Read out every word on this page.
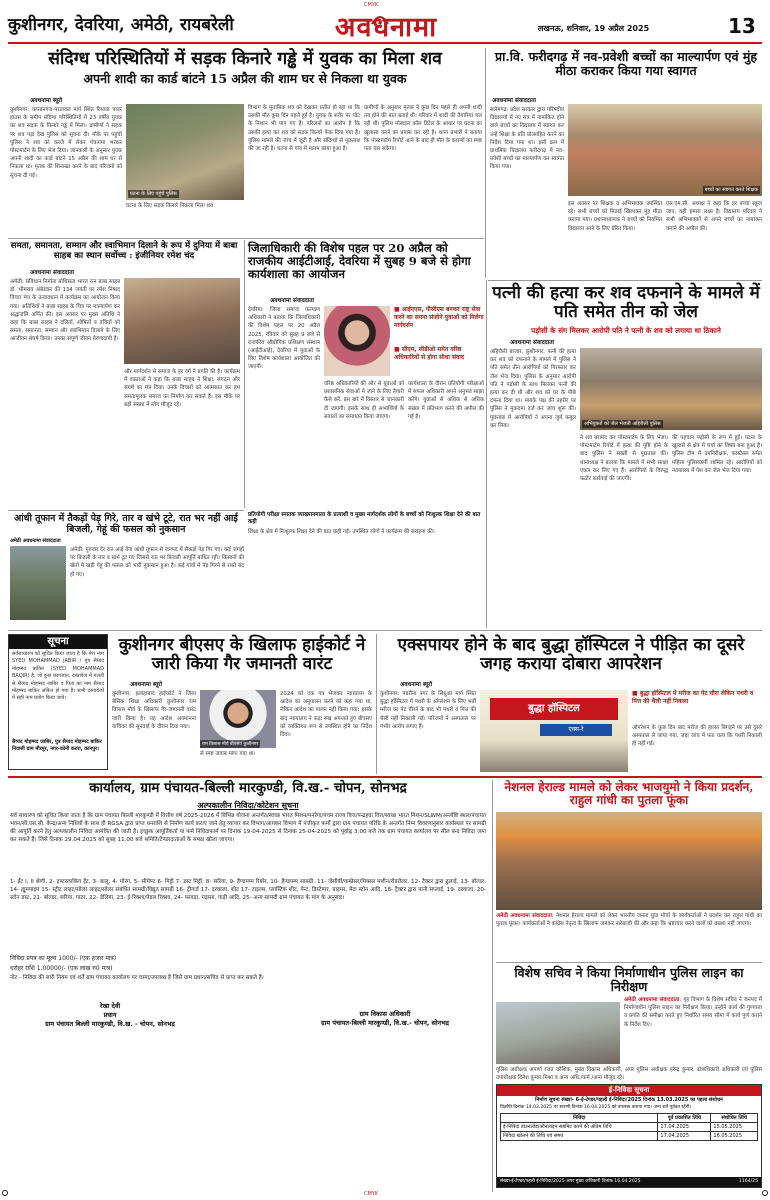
CMYK
CMYK
कुशीनगर, देवरिया, अमेठी, रायबरेली	अवधनामा	लखनऊ, शनिवार, 19 अप्रैल 2025	13
संदिग्ध परिस्थितियों में सड़क किनारे गड्ढे में युवक का मिला शव
अपनी शादी का कार्ड बांटने 15 अप्रैल की शाम घर से निकला था युवक
अवधनामा ब्यूरो
कुशीनगर: कप्तानगंज-परतावल मार्ग स्थित रिसावां पावर हाउस के समीप संदिग्ध परिस्थितियों में 23 वर्षीय युवक का शव सड़क के किनारे गड्ढे में मिला। ग्रामीणों ने सड़क पर शव पड़ा देख पुलिस को सूचना दी। मौके पर पहुंची पुलिस ने शव को कब्जे में लेकर पंचनामा भरकर पोस्टमार्टम के लिए भेज दिया। जानकारी के अनुसार युवक अपनी शादी का कार्ड बांटने 15 अप्रैल की शाम घर से निकला था। मृतक की शिनाख्त करने के बाद परिजनों को सूचना दी गई।
घटना के लिए पहुंचे पुलिस
घटना के लिए सड़क किनारे निकला मिला शव
विभाग के मुताबिक शव को देखकर प्रतीत हो रहा था कि उसकी मौत कुछ दिन पहले हुई है। युवक के शरीर पर चोट के निशान भी पाए गए हैं। परिजनों का आरोप है कि उसकी हत्या कर शव को सड़क किनारे फेंक दिया गया है। पुलिस मामले की जांच में जुटी है और संदिग्धों से पूछताछ की जा रही है। घटना से गांव में मातम छाया हुआ है।
ग्रामीणों के अनुसार मृतक ने कुछ दिन पहले ही अपनी शादी तय होने की बात बताई थी। परिवार में शादी की तैयारियां चल रही थीं। पुलिस मोबाइल कॉल डिटेल के आधार पर घटना का खुलासा करने का प्रयास कर रही है। थाना प्रभारी ने बताया कि पोस्टमार्टम रिपोर्ट आने के बाद ही मौत के कारणों का स्पष्ट पता चल सकेगा।
प्रा.वि. फरीदगढ़ में नव-प्रवेशी बच्चों का माल्यार्पण एवं मुंह मीठा कराकर किया गया स्वागत
अवधनामा संवाददाता
सलेमगढ़: प्रदेश सरकार द्वारा परिषदीय विद्यालयों में नए सत्र में नामांकित होने वाले बच्चों का विद्यालय में स्वागत कर उन्हें शिक्षा के प्रति प्रोत्साहित करने का निर्देश दिया गया था। इसी क्रम में प्राथमिक विद्यालय फरीदगढ़ में नव-प्रवेशी बच्चों का माल्यार्पण कर स्वागत किया गया।
बच्चों का स्वागत करते शिक्षक
इस अवसर पर शिक्षक व अभिभावक उपस्थित रहे। सभी बच्चों को मिठाई खिलाकर मुंह मीठा कराया गया। प्रधानाध्यापक ने बच्चों को नियमित विद्यालय आने के लिए प्रेरित किया।
एस.एम.सी. अध्यक्ष ने कहा कि हर बच्चा स्कूल जाए, यही हमारा लक्ष्य है। विद्यालय परिवार ने सभी अभिभावकों से अपने बच्चों का नामांकन कराने की अपील की।
समता, समानता, सम्मान और स्वाभिमान दिलाने के रूप में दुनिया में बाबा साहब का स्थान सर्वोच्च : इंजीनियर रमेश चंद
अवधनामा संवाददाता
अमेठी: संविधान निर्माता बोधिसत्व भारत रत्न बाबा साहब डॉ. भीमराव अंबेडकर की 134 जयंती पर रमेश निषाद विचार मंच के तत्वावधान में कार्यक्रम का आयोजन किया गया। अतिथियों ने बाबा साहब के चित्र पर माल्यार्पण कर श्रद्धांजलि अर्पित की। इस अवसर पर मुख्य अतिथि ने कहा कि बाबा साहब ने दलितों, शोषितों व वंचितों को समता, समानता, सम्मान और स्वाभिमान दिलाने के लिए आजीवन संघर्ष किया। उनका संपूर्ण जीवन प्रेरणादायी है।
और मार्गदर्शन से समाज के हर वर्ग ने प्रगति की है। कार्यक्रम में वक्ताओं ने कहा कि बाबा साहब ने शिक्षा, संगठन और संघर्ष का मंत्र दिया। उनके विचारों को आत्मसात कर हम समतामूलक समाज का निर्माण कर सकते हैं। इस मौके पर बड़ी संख्या में लोग मौजूद रहे।
जिलाधिकारी की विशेष पहल पर 20 अप्रैल को राजकीय आईटीआई, देवरिया में सुबह 9 बजे से होगा कार्यशाला का आयोजन
अवधनामा संवाददाता
देवरिया: जिला समाज कल्याण अधिकारी ने बताया कि जिलाधिकारी की विशेष पहल पर 20 अप्रैल 2025, रविवार को सुबह 9 बजे से राजकीय औद्योगिक प्रशिक्षण संस्थान (आईटीआई), देवरिया में युवाओं के लिए विशेष कार्यशाला आयोजित की जाएगी।
■ आईएएस, पीसीएस बनकर राष्ट्र सेवा करने का सपना संजोने युवाओं को मिलेगा मार्गदर्शन
■ सीएम, सीडीओ समेत वरिष्ठ अधिकारियों से होगा सीधा संवाद
वरिष्ठ अधिकारियों की ओर से युवाओं को प्रशासनिक सेवाओं में जाने के लिए तैयारी कैसे करें, इस बारे में विस्तार से जानकारी दी जाएगी। इसके साथ ही अभ्यर्थियों के सवालों का समाधान किया जाएगा।
कार्यशाला के दौरान प्रतियोगी परीक्षाओं में सफल अधिकारी अपने अनुभव साझा करेंगे। युवाओं से अधिक से अधिक संख्या में प्रतिभाग करने की अपील की गई है।
प्रतियोगी परीक्षा स्नातक व्याख्यानमाला के प्रत्याशी व मुख्य मार्गदर्शक लोगों के बच्चों को निःशुल्क शिक्षा देने की बात कही
शिक्षा के क्षेत्र में निःशुल्क शिक्षा देने की बात कही गई। उपस्थित लोगों ने कार्यक्रम की सराहना की।
आंधी तूफान में तैकड़ों पेड़ गिरे, तार व खंभे टूटे, रात भर नहीं आई बिजली, गेहूं की फसल को नुकसान
अमेठी अवधनामा संवाददाता
अमेठी: गुरुवार देर रात आई तेज आंधी तूफान से जनपद में सैकड़ों पेड़ गिर गए। कई जगहों पर बिजली के तार व खंभे टूट गए जिससे रात भर बिजली आपूर्ति बाधित रही। किसानों की खेतों में खड़ी गेहूं की फसल को भारी नुकसान हुआ है। कई गांवों में पेड़ गिरने से रास्ते बंद हो गए।
पत्नी की हत्या कर शव दफनाने के मामले में पति समेत तीन को जेल
पड़ोसी के संग मिलकर आरोपी पति ने पत्नी के शव को लगाया था ठिकाने
अवधनामा संवाददाता
अहिरौली बाजार, कुशीनगर: पत्नी की हत्या कर शव को दफनाने के मामले में पुलिस ने पति समेत तीन आरोपियों को गिरफ्तार कर जेल भेज दिया। पुलिस के अनुसार आरोपी पति ने पड़ोसी के साथ मिलकर पत्नी की हत्या कर दी थी और शव को घर के पीछे दफना दिया था। मायके पक्ष की तहरीर पर पुलिस ने मुकदमा दर्ज कर जांच शुरू की। पूछताछ में आरोपियों ने अपना जुर्म कबूल कर लिया।	अभियुक्तों को जेल भेजती अहिरौली पुलिस
ने शव बरामद कर पोस्टमार्टम के लिए भेजा। पोस्टमार्टम रिपोर्ट में हत्या की पुष्टि होने के बाद पुलिस ने सख्ती से पूछताछ की। थानाध्यक्ष ने बताया कि मामले में सभी साक्ष्य एकत्र कर लिए गए हैं। आरोपियों के विरुद्ध कठोर कार्रवाई की जाएगी।
की पहचान पड़ोसी के रूप में हुई। घटना के खुलासे से क्षेत्र में चर्चा का विषय बना हुआ है। पुलिस टीम में उपनिरीक्षक, कांस्टेबल समेत महिला पुलिसकर्मी शामिल रहे। आरोपियों को न्यायालय में पेश कर जेल भेज दिया गया।
सूचना
सर्वसाधारण को सूचित किया जाता है कि मेरा नाम SYED MOHAMMAD JABIR / पुत्र सैय्यद मोहम्मद बाकिर (SYED MOHAMMAD BAQIR) है, जो कुछ कागजात, दस्तावेज में गलती से सैय्यद मोहम्मद जाबिर व पिता का नाम सैय्यद मोहम्मद बाकिर अंकित हो गया है। सभी दस्तावेजों में सही नाम प्रयोग किया जाये।
सैय्यद मोहम्मद जाबिर, पुत्र सैय्यद मोहम्मद बाकिर निवासी ग्राम मीरपुर, नगर-कोनी कटरा, कानपुर।
कुशीनगर बीएसए के खिलाफ हाईकोर्ट ने जारी किया गैर जमानती वारंट
अवधनामा ब्यूरो
कुशीनगर: इलाहाबाद हाईकोर्ट ने जिला बेसिक शिक्षा अधिकारी कुशीनगर राम विलास मौर्य के खिलाफ गैर-जमानती वारंट जारी किया है। यह आदेश अवमानना याचिका की सुनवाई के दौरान दिया गया।
राम विलास मौर्य बीएसए कुशीनगर
से स्पष्ट जवाब मांगा गया था।
2024 को एक पत्र भेजकर न्यायालय के आदेश का अनुपालन करने को कहा गया था, लेकिन आदेश का पालन नहीं किया गया। इसके बाद न्यायालय ने कड़ा रुख अपनाते हुए बीएसए को व्यक्तिगत रूप से उपस्थित होने का निर्देश दिया।
एक्सपायर होने के बाद बुद्धा हॉस्पिटल ने पीड़ित का दूसरे जगह कराया दोबारा आपरेशन
अवधनामा ब्यूरो
कुशीनगर: पडरौना नगर के सिधुआ मार्ग स्थित बुद्धा हॉस्पिटल में पथरी के ऑपरेशन के लिए भर्ती मरीज का पेट चीरने के बाद भी पथरी व पित्त की थैली नहीं निकाली गई। परिजनों ने अस्पताल पर गंभीर आरोप लगाए हैं।
बुद्धा हॉस्पिटल
एक्स-रे
■ बुद्धा हॉस्पिटल में मरीज का पेट चीरा लेकिन पथरी व पित्त की थैली नहीं निकला
ऑपरेशन के कुछ दिन बाद मरीज की हालत बिगड़ने पर उसे दूसरे अस्पताल ले जाया गया, जहां जांच में पता चला कि पथरी निकाली ही नहीं गई।
कार्यालय, ग्राम पंचायत-बिल्ली मारकुण्डी, वि.ख.- चोपन, सोनभद्र
अल्पकालीन निविदा/कोटेशन सूचना
सर्व साधारण को सूचित किया जाता है कि ग्राम पंचायत बिल्ली मारकुण्डी में वित्तीय वर्ष 2025-2026 में विभिन्न योजना अन्तर्गत/स्वच्छ भारत मिशन/मनरेगा/पंचम राज्य वित्त/पन्द्रहवां वित्त/स्वच्छ भारत मिशन/SLWM/अन्त्येष्टि स्थल/पंचायत भवन/सी.एस.सी. केन्द्र/अन्य निधियों के साथ ही RGSA द्वारा प्राप्त धनराशि से निर्माण कार्य कराए जाने हेतु व्यापार कर विभाग/आयकर विभाग में पंजीकृत फर्मो द्वारा ग्राम पंचायत परिधि के अन्तर्गत निम्न विवरणानुसार कार्यस्थल पर सामग्री की आपूर्ति करने हेतु अल्पकालीन निविदा आमंत्रित की जाती है। इच्छुक आपूर्तिकर्ता या फर्म निविदाफार्म पर दिनांक 19-04-2025 से दिनांक 25-04-2025 को पूर्वाह्न 3:00 बजे तक ग्राम पंचायत कार्यालय पर सील बन्द निविदा जमा कर सकते हैं। जिसे दिनांक 29.04.2025 को सुबह 11.00 बजे समिति/टेण्डरदाताओं के समक्ष खोला जाएगा।
1- ईंट I, II श्रेणी, 2- इण्टरलाकिंग ईंट, 3- बालू, 4- मोरंग, 5- सीमेण्ट 6- गिट्टी 7- डस्ट मिट्टी, 8- सरिया, 9- हैण्डपम्प रिबोर, 10- हैण्डपम्प सामग्री, 11- जेसीबी/कम्प्रेसर/मिक्सर मशीन/रोडरोलर, 12- टैक्टर द्वारा ढुलाई, 13- बोल्डर, 14- ह्यूमपाइप 15- स्ट्रीट लाइट/सोलर लाइट/सोलर संबंधित सामग्री/विद्युत सामग्री 16- ट्रीगार्ड 17- दरवाजा, शीट 17- टाइल्स, प्लास्टिक शीट, पेन्ट, डिस्टेम्पर, प्राइमर, मेटा स्टोन आदि, 18- ट्रैक्टर द्वारा पानी सप्लाई, 19- दरवाजा, 20- स्टोन डस्ट, 21- बोल्डर, सरिया, गाटर, 22- डेलिया, 23- ई-रिक्शा/पेडल रिक्शा, 24- फावड़ा, गड़ासा, गाड़ी आदि, 25- अन्य सामग्री ग्राम पंचायत के मांग के अनुसार।
निविदा प्रपत्र का मूल्य 1000/- (एक हजार मात्र)
धरोहर राशि 1,00000/- (एक लाख रु0 मात्र)
नोट - निविदा की सारी नियम एवं शर्ते ग्राम पंचायत कार्यालय पर चस्पा/उपलब्ध है जिसे ग्राम प्रधान/सचिव से प्राप्त कर सकते हैं।
रेखा देवी
प्रधान
ग्राम पंचायत बिल्ली मारकुण्डी, वि.ख. - चोपन, सोनभद्र
ग्राम विकास अधिकारी
ग्राम पंचायत-बिल्ली मारकुण्डी, वि.ख.- चोपन, सोनभद्र
नेशनल हेराल्ड मामले को लेकर भाजयुमो ने किया प्रदर्शन, राहुल गांधी का पुतला फूंका
अमेठी अवधनामा संवाददाता: नेशनल हेराल्ड मामले को लेकर भारतीय जनता युवा मोर्चा के कार्यकर्ताओं ने प्रदर्शन कर राहुल गांधी का पुतला फूंका। कार्यकर्ताओं ने कांग्रेस नेतृत्व के खिलाफ जमकर नारेबाजी की और कहा कि भ्रष्टाचार करने वालों को बख्शा नहीं जाएगा।
विशेष सचिव ने किया निर्माणाधीन पुलिस लाइन का निरीक्षण
अमेठी अवधनामा संवाददाता: गृह विभाग के विशेष सचिव ने जनपद में निर्माणाधीन पुलिस लाइन का निरीक्षण किया। उन्होंने कार्य की गुणवत्ता व प्रगति की समीक्षा करते हुए निर्धारित समय सीमा में कार्य पूर्ण कराने के निर्देश दिए।
पुलिस अधीक्षक अपर्णा रजत कौशिक, मुख्य विकास अधिकारी, अपर पुलिस अधीक्षक हरेन्द्र कुमार, क्षेत्राधिकारी अधिकारी एवं पुलिस उपाधीक्षक दिनेश कुमार मिश्रा व अन्य अधि./कर्म./अन्य मौजूद रहे।
ई-निविदा सूचना
निर्माण सूचना संख्या- 6-ई-टेण्डर/पहली ई-निविदा/2025 दिनांक 13.03.2025 का पहला संशोधन
विज्ञप्ति दिनांक 14.03.2025 पर सारणी दिनांक 16.04.2025 को उपलब्ध कराया गया। अन्य शर्ते पूर्ववत रहेंगी।
निविदा	पूर्व प्रकाशित तिथि	संशोधित तिथि
ई-निविदा डाउनलोड/ऑनलाइन सबमिट करने की अंतिम तिथि	17.04.2025	15.05.2025
निविदा खोलने की तिथि एवं समय	17.04.2025	16.05.2025
संख्या-ई-टेण्डर/पहली ई-निविदा/2025 अपर मुख्य अधिकारी दिनांक 16.04.2025	1164/25
